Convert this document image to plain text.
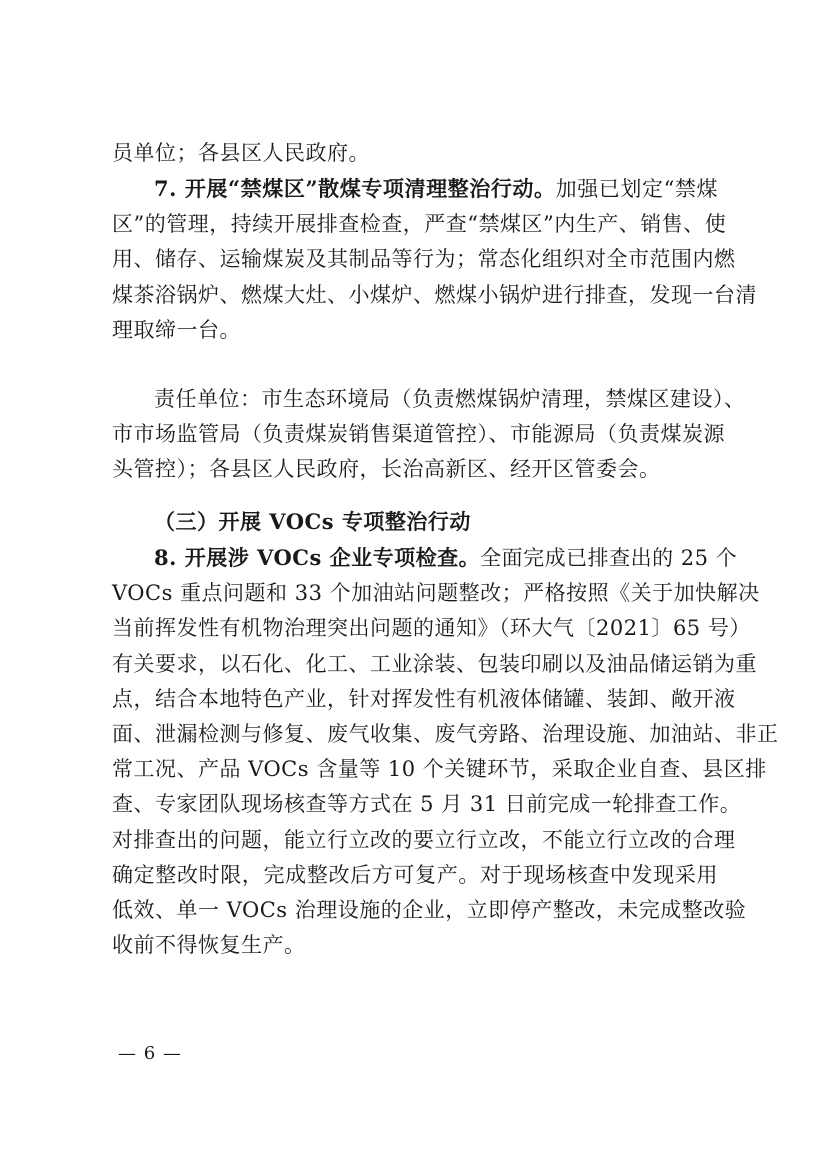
员单位；各县区人民政府。
7. 开展“禁煤区”散煤专项清理整治行动。加强已划定“禁煤
区”的管理，持续开展排查检查，严查“禁煤区”内生产、销售、使
用、储存、运输煤炭及其制品等行为；常态化组织对全市范围内燃
煤茶浴锅炉、燃煤大灶、小煤炉、燃煤小锅炉进行排查，发现一台清
理取缔一台。
责任单位：市生态环境局（负责燃煤锅炉清理，禁煤区建设）、
市市场监管局（负责煤炭销售渠道管控）、市能源局（负责煤炭源
头管控）；各县区人民政府，长治高新区、经开区管委会。
（三）开展 VOCs 专项整治行动
8. 开展涉 VOCs 企业专项检查。全面完成已排查出的 25 个
VOCs 重点问题和 33 个加油站问题整改；严格按照《关于加快解决
当前挥发性有机物治理突出问题的通知》（环大气〔2021〕65 号）
有关要求，以石化、化工、工业涂装、包装印刷以及油品储运销为重
点，结合本地特色产业，针对挥发性有机液体储罐、装卸、敞开液
面、泄漏检测与修复、废气收集、废气旁路、治理设施、加油站、非正
常工况、产品 VOCs 含量等 10 个关键环节，采取企业自查、县区排
查、专家团队现场核查等方式在 5 月 31 日前完成一轮排查工作。
对排查出的问题，能立行立改的要立行立改，不能立行立改的合理
确定整改时限，完成整改后方可复产。对于现场核查中发现采用
低效、单一 VOCs 治理设施的企业，立即停产整改，未完成整改验
收前不得恢复生产。
— 6 —
